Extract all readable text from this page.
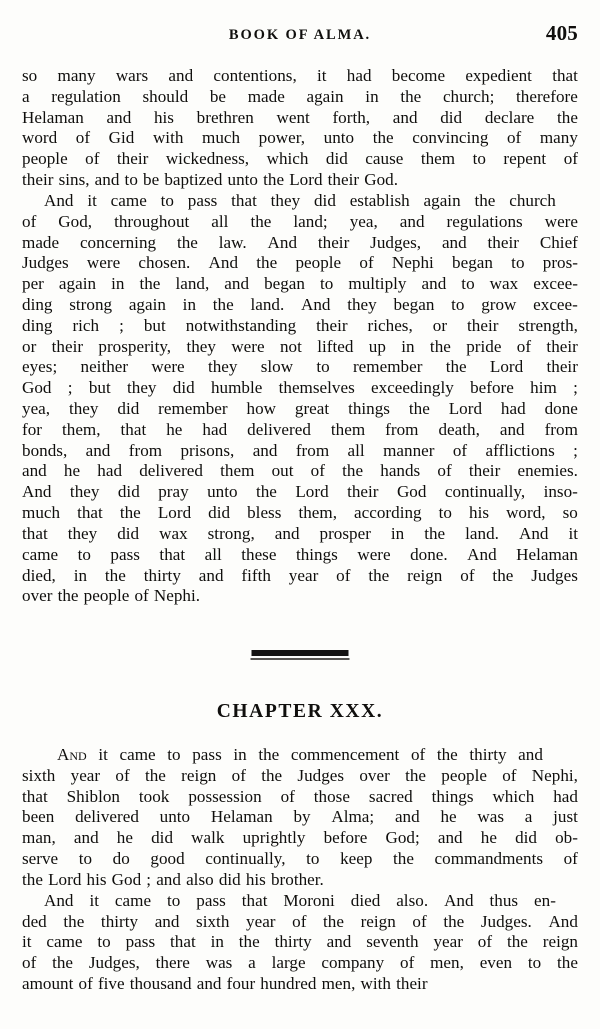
BOOK OF ALMA.	405
so many wars and contentions, it had become expedient that
a regulation should be made again in the church; therefore
Helaman and his brethren went forth, and did declare the
word of Gid with much power, unto the convincing of many
people of their wickedness, which did cause them to repent of
their sins, and to be baptized unto the Lord their God.
And it came to pass that they did establish again the church
of God, throughout all the land; yea, and regulations were
made concerning the law. And their Judges, and their Chief
Judges were chosen. And the people of Nephi began to pros-
per again in the land, and began to multiply and to wax excee-
ding strong again in the land. And they began to grow excee-
ding rich ; but notwithstanding their riches, or their strength,
or their prosperity, they were not lifted up in the pride of their
eyes; neither were they slow to remember the Lord their
God ; but they did humble themselves exceedingly before him ;
yea, they did remember how great things the Lord had done
for them, that he had delivered them from death, and from
bonds, and from prisons, and from all manner of afflictions ;
and he had delivered them out of the hands of their enemies.
And they did pray unto the Lord their God continually, inso-
much that the Lord did bless them, according to his word, so
that they did wax strong, and prosper in the land. And it
came to pass that all these things were done. And Helaman
died, in the thirty and fifth year of the reign of the Judges
over the people of Nephi.
CHAPTER XXX.
And it came to pass in the commencement of the thirty and
sixth year of the reign of the Judges over the people of Nephi,
that Shiblon took possession of those sacred things which had
been delivered unto Helaman by Alma; and he was a just
man, and he did walk uprightly before God; and he did ob-
serve to do good continually, to keep the commandments of
the Lord his God ; and also did his brother.
And it came to pass that Moroni died also. And thus en-
ded the thirty and sixth year of the reign of the Judges. And
it came to pass that in the thirty and seventh year of the reign
of the Judges, there was a large company of men, even to the
amount of five thousand and four hundred men, with their
